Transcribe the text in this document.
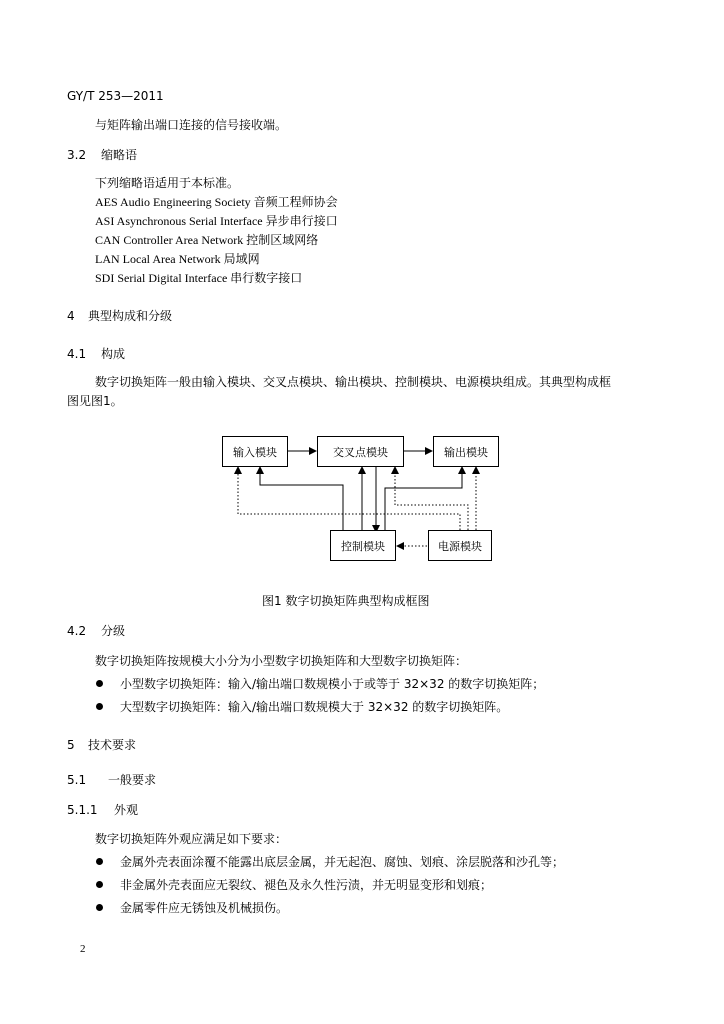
GY/T 253—2011
与矩阵输出端口连接的信号接收端。
3.2 缩略语
下列缩略语适用于本标准。
AES Audio Engineering Society 音频工程师协会
ASI Asynchronous Serial Interface 异步串行接口
CAN Controller Area Network 控制区域网络
LAN Local Area Network 局域网
SDI Serial Digital Interface 串行数字接口
4 典型构成和分级
4.1 构成
数字切换矩阵一般由输入模块、交叉点模块、输出模块、控制模块、电源模块组成。其典型构成框
图见图1。
输入模块	交叉点模块	输出模块
控制模块	电源模块
图1 数字切换矩阵典型构成框图
4.2 分级
数字切换矩阵按规模大小分为小型数字切换矩阵和大型数字切换矩阵：
小型数字切换矩阵：输入/输出端口数规模小于或等于 32×32 的数字切换矩阵；
大型数字切换矩阵：输入/输出端口数规模大于 32×32 的数字切换矩阵。
5 技术要求
5.1 一般要求
5.1.1 外观
数字切换矩阵外观应满足如下要求：
金属外壳表面涂覆不能露出底层金属，并无起泡、腐蚀、划痕、涂层脱落和沙孔等；
非金属外壳表面应无裂纹、褪色及永久性污渍，并无明显变形和划痕；
金属零件应无锈蚀及机械损伤。
2
